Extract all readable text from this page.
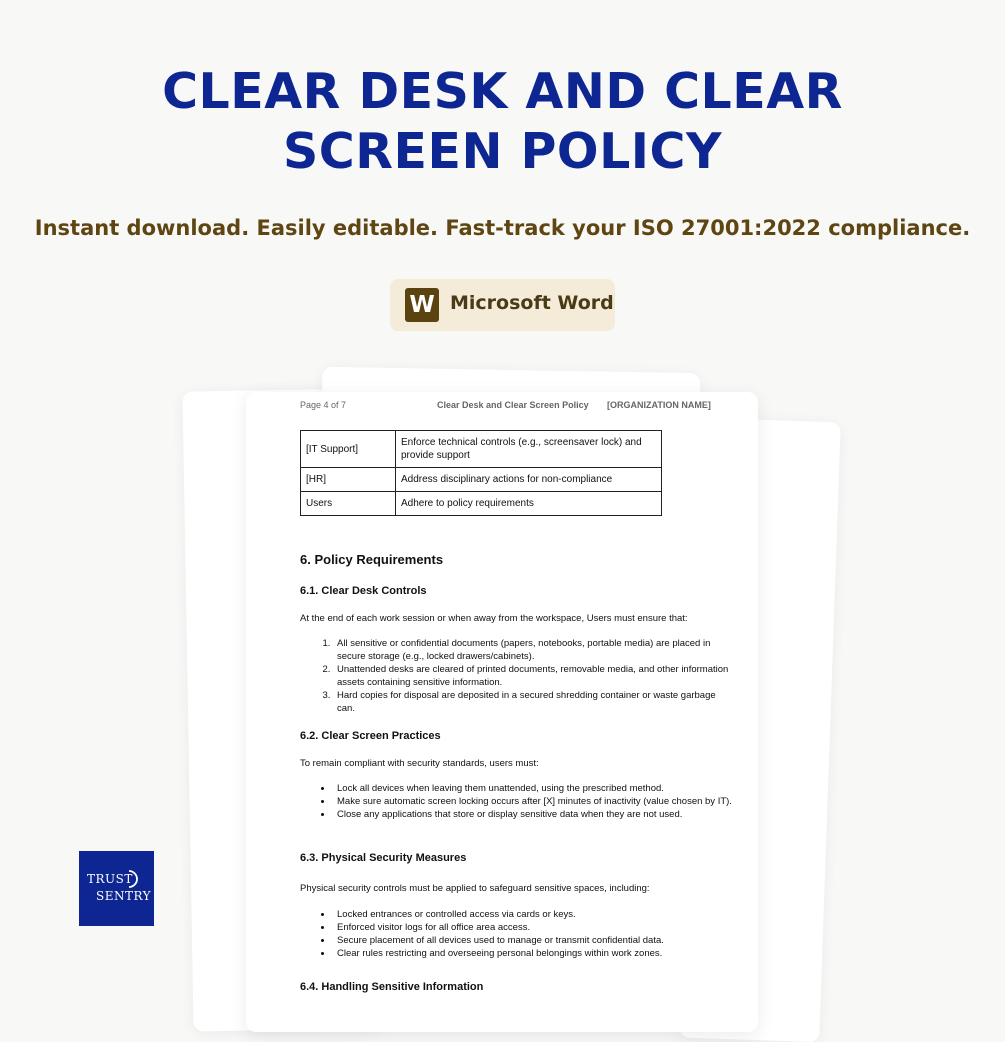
CLEAR DESK AND CLEAR
SCREEN POLICY
Instant download. Easily editable. Fast-track your ISO 27001:2022 compliance.
W Microsoft Word
Page 4 of 7	Clear Desk and Clear Screen Policy [ORGANIZATION NAME]
[IT Support]	Enforce technical controls (e.g., screensaver lock) and provide support
[HR]	Address disciplinary actions for non-compliance
Users	Adhere to policy requirements
6. Policy Requirements
6.1. Clear Desk Controls
At the end of each work session or when away from the workspace, Users must ensure that:
1. All sensitive or confidential documents (papers, notebooks, portable media) are placed in secure storage (e.g., locked drawers/cabinets).
2. Unattended desks are cleared of printed documents, removable media, and other information assets containing sensitive information.
3. Hard copies for disposal are deposited in a secured shredding container or waste garbage can.
6.2. Clear Screen Practices
To remain compliant with security standards, users must:
• Lock all devices when leaving them unattended, using the prescribed method.
• Make sure automatic screen locking occurs after [X] minutes of inactivity (value chosen by IT).
• Close any applications that store or display sensitive data when they are not used.
6.3. Physical Security Measures
Physical security controls must be applied to safeguard sensitive spaces, including:
• Locked entrances or controlled access via cards or keys.
• Enforced visitor logs for all office area access.
• Secure placement of all devices used to manage or transmit confidential data.
• Clear rules restricting and overseeing personal belongings within work zones.
6.4. Handling Sensitive Information
TRUST
SENTRY
